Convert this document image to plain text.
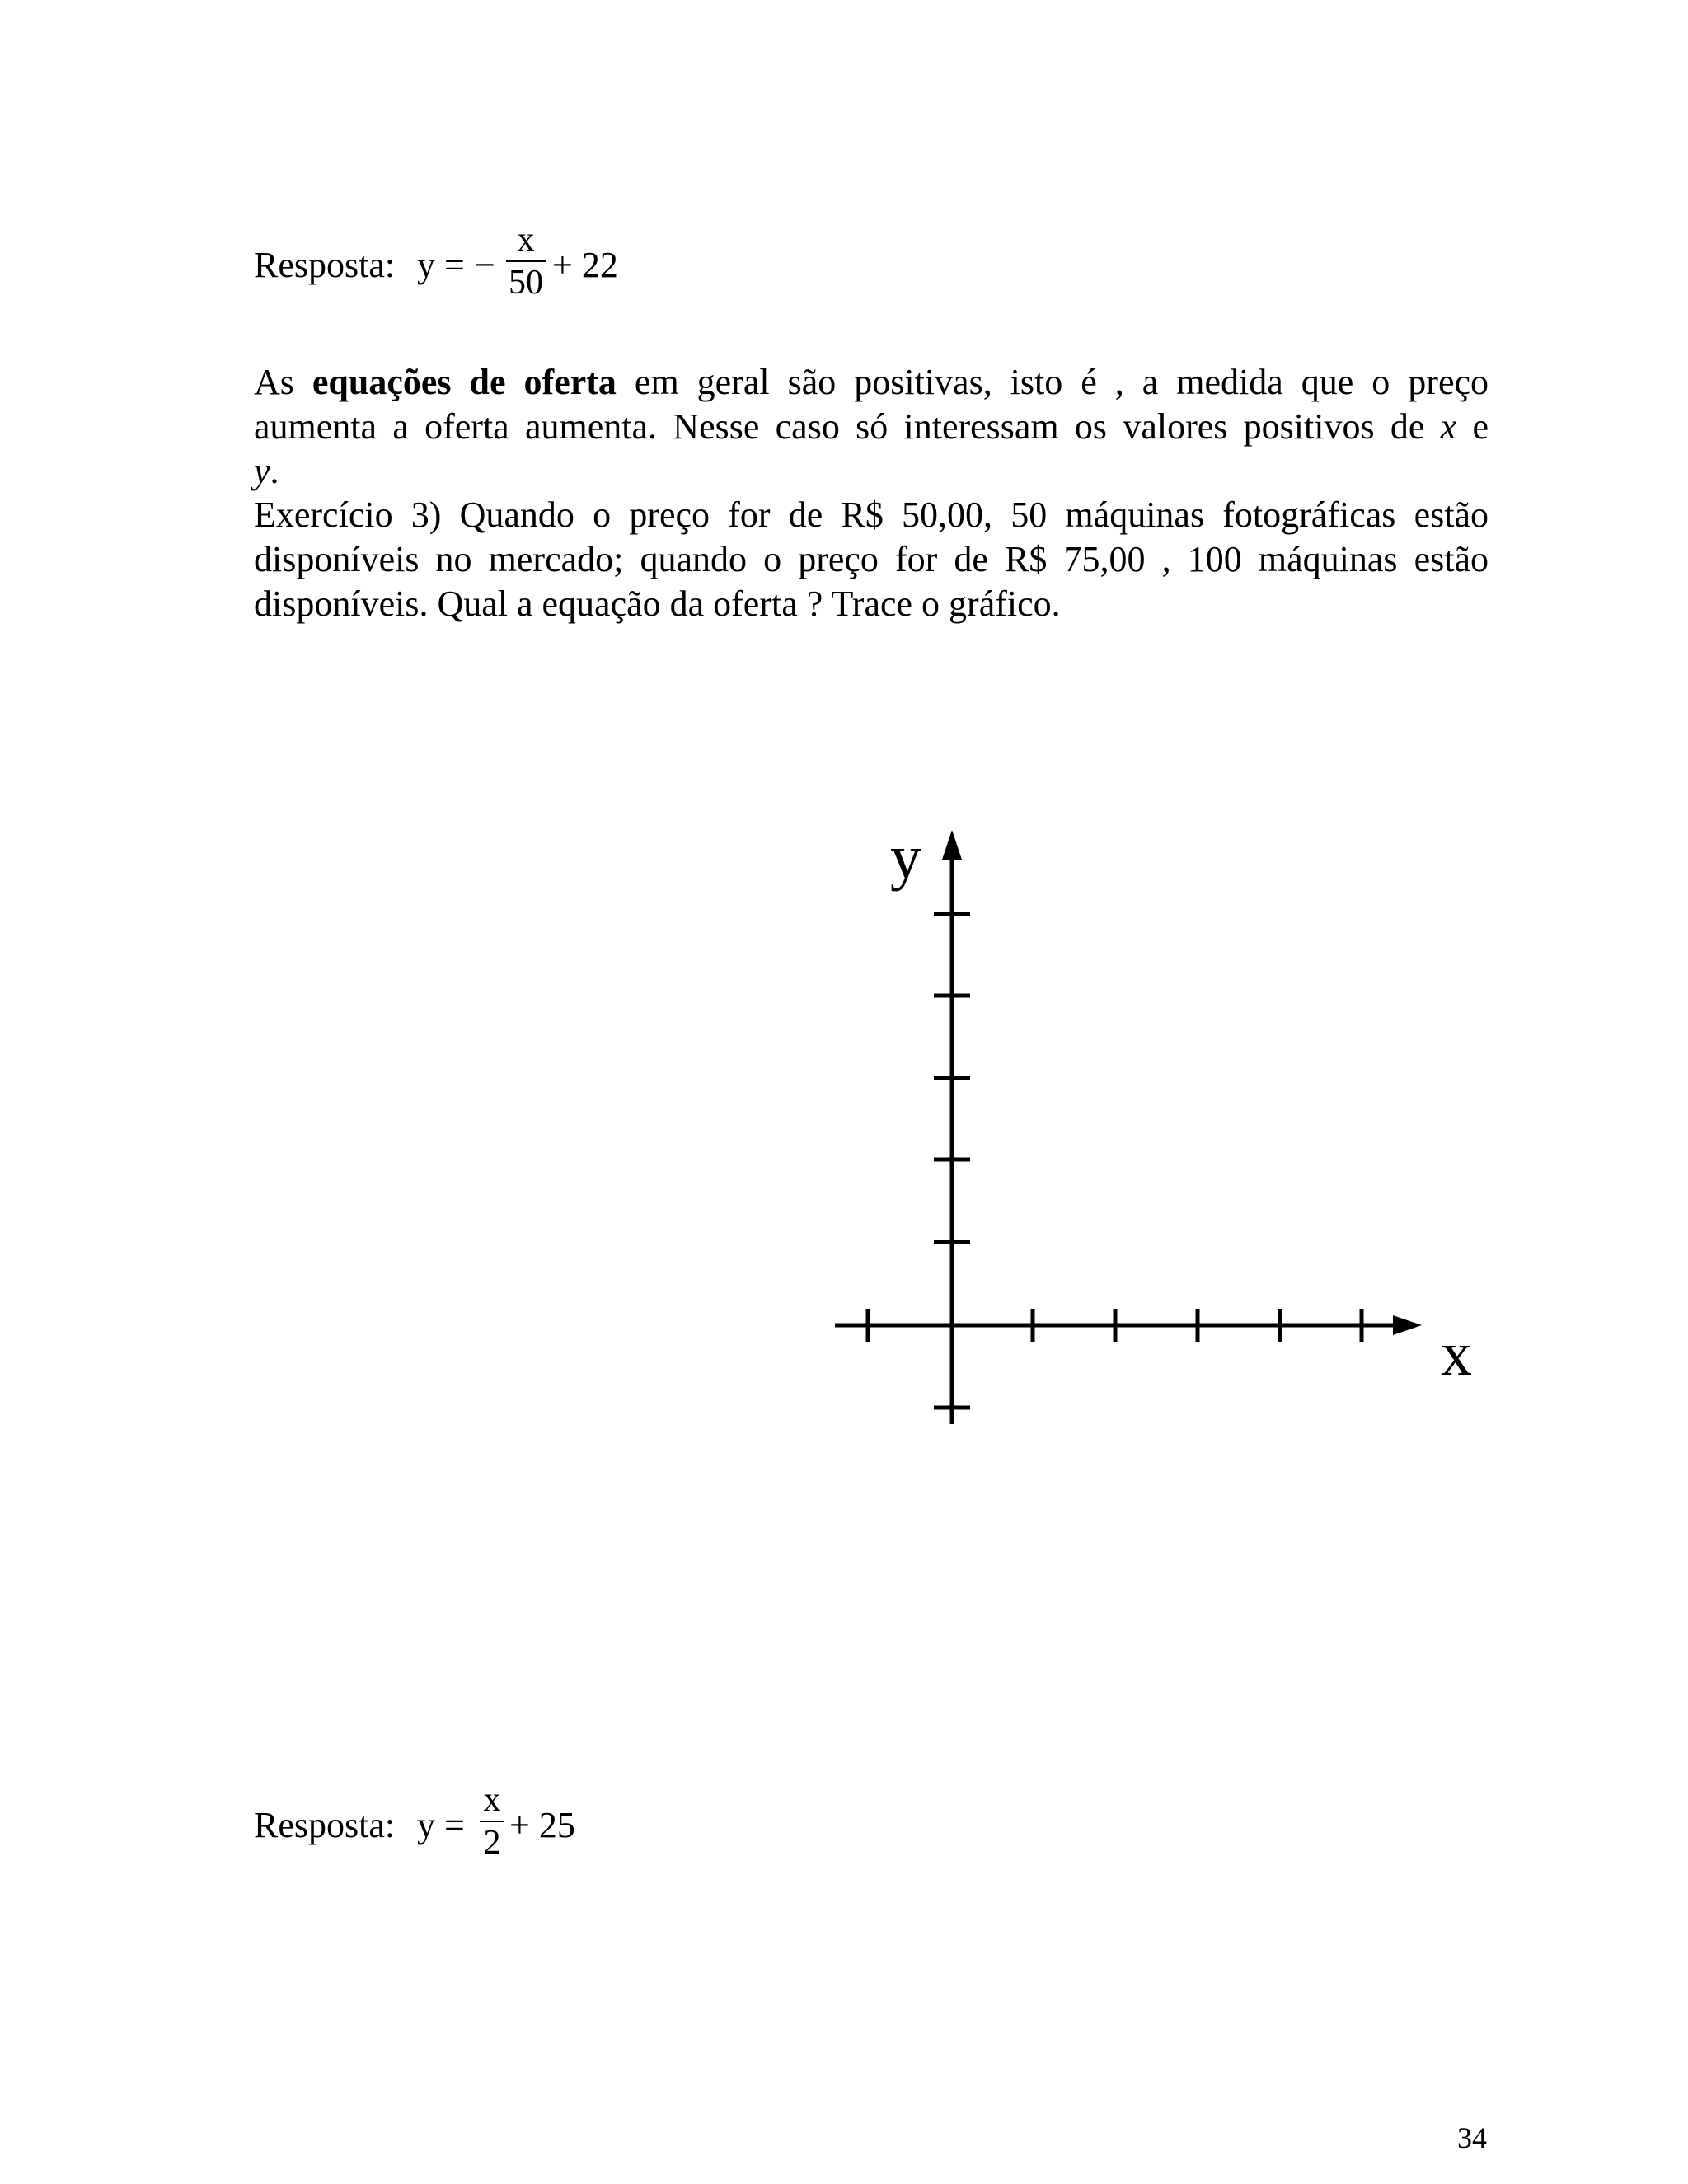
Resposta: y = −
x
50 + 22
As equações de oferta em geral são positivas, isto é , a medida que o preço
aumenta a oferta aumenta. Nesse caso só interessam os valores positivos de x e
y.
Exercício 3) Quando o preço for de R$ 50,00, 50 máquinas fotográficas estão
disponíveis no mercado; quando o preço for de R$ 75,00 , 100 máquinas estão
disponíveis. Qual a equação da oferta ? Trace o gráfico.
y
x
Resposta: y =
x
2 + 25
34
